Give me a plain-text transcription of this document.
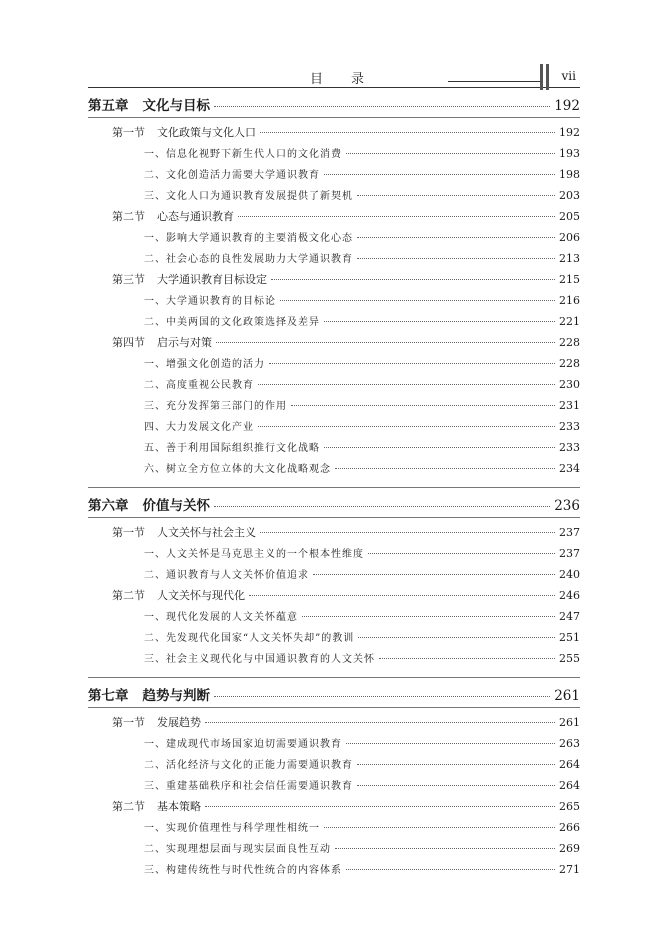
目录	vii
第五章 文化与目标	192
第一节 文化政策与文化人口	192
一、信息化视野下新生代人口的文化消费	193
二、文化创造活力需要大学通识教育	198
三、文化人口为通识教育发展提供了新契机	203
第二节 心态与通识教育	205
一、影响大学通识教育的主要消极文化心态	206
二、社会心态的良性发展助力大学通识教育	213
第三节 大学通识教育目标设定	215
一、大学通识教育的目标论	216
二、中美两国的文化政策选择及差异	221
第四节 启示与对策	228
一、增强文化创造的活力	228
二、高度重视公民教育	230
三、充分发挥第三部门的作用	231
四、大力发展文化产业	233
五、善于利用国际组织推行文化战略	233
六、树立全方位立体的大文化战略观念	234
第六章 价值与关怀	236
第一节 人文关怀与社会主义	237
一、人文关怀是马克思主义的一个根本性维度	237
二、通识教育与人文关怀价值追求	240
第二节 人文关怀与现代化	246
一、现代化发展的人文关怀蕴意	247
二、先发现代化国家“人文关怀失却”的教训	251
三、社会主义现代化与中国通识教育的人文关怀	255
第七章 趋势与判断	261
第一节 发展趋势	261
一、建成现代市场国家迫切需要通识教育	263
二、活化经济与文化的正能力需要通识教育	264
三、重建基础秩序和社会信任需要通识教育	264
第二节 基本策略	265
一、实现价值理性与科学理性相统一	266
二、实现理想层面与现实层面良性互动	269
三、构建传统性与时代性统合的内容体系	271
